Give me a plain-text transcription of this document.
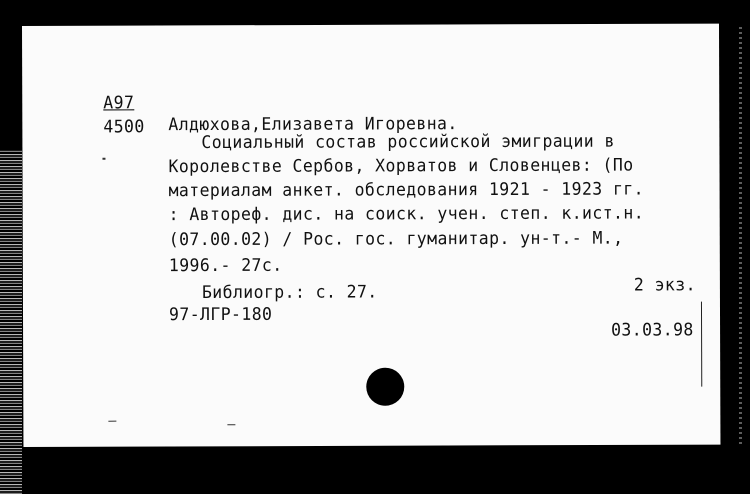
А97
4500 Алдюхова,Елизавета Игоревна.
Социальный состав российской эмиграции в
Королевстве Сербов, Хорватов и Словенцев: (По
материалам анкет. обследования 1921 - 1923 гг.
: Автореф. дис. на соиск. учен. степ. к.ист.н.
(07.00.02) / Рос. гос. гуманитар. ун-т.- М.,
1996.- 27с.
Библиогр.: с. 27.	2 экз.
97-ЛГР-180
03.03.98
